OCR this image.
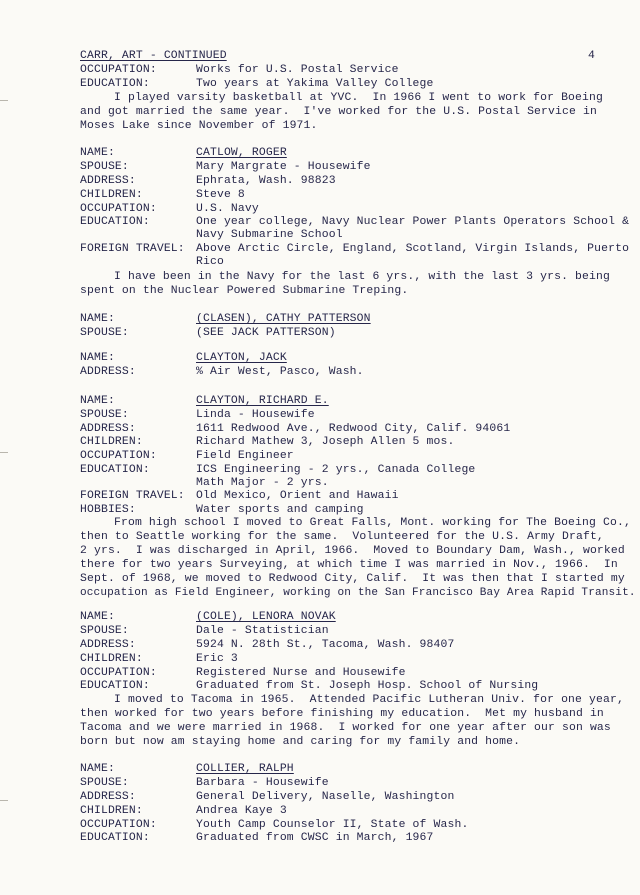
CARR, ART - CONTINUED	4
OCCUPATION:	Works for U.S. Postal Service
EDUCATION:	Two years at Yakima Valley College
I played varsity basketball at YVC.  In 1966 I went to work for Boeing
and got married the same year.  I've worked for the U.S. Postal Service in
Moses Lake since November of 1971.
NAME:	CATLOW, ROGER
SPOUSE:	Mary Margrate - Housewife
ADDRESS:	Ephrata, Wash. 98823
CHILDREN:	Steve 8
OCCUPATION:	U.S. Navy
EDUCATION:	One year college, Navy Nuclear Power Plants Operators School &
Navy Submarine School
FOREIGN TRAVEL: Above Arctic Circle, England, Scotland, Virgin Islands, Puerto
Rico
I have been in the Navy for the last 6 yrs., with the last 3 yrs. being
spent on the Nuclear Powered Submarine Treping.
NAME:	(CLASEN), CATHY PATTERSON
SPOUSE:	(SEE JACK PATTERSON)
NAME:	CLAYTON, JACK
ADDRESS:	% Air West, Pasco, Wash.
NAME:	CLAYTON, RICHARD E.
SPOUSE:	Linda - Housewife
ADDRESS:	1611 Redwood Ave., Redwood City, Calif. 94061
CHILDREN:	Richard Mathew 3, Joseph Allen 5 mos.
OCCUPATION:	Field Engineer
EDUCATION:	ICS Engineering - 2 yrs., Canada College
Math Major - 2 yrs.
FOREIGN TRAVEL: Old Mexico, Orient and Hawaii
HOBBIES:	Water sports and camping
From high school I moved to Great Falls, Mont. working for The Boeing Co.,
then to Seattle working for the same.  Volunteered for the U.S. Army Draft,
2 yrs.  I was discharged in April, 1966.  Moved to Boundary Dam, Wash., worked
there for two years Surveying, at which time I was married in Nov., 1966.  In
Sept. of 1968, we moved to Redwood City, Calif.  It was then that I started my
occupation as Field Engineer, working on the San Francisco Bay Area Rapid Transit.
NAME:	(COLE), LENORA NOVAK
SPOUSE:	Dale - Statistician
ADDRESS:	5924 N. 28th St., Tacoma, Wash. 98407
CHILDREN:	Eric 3
OCCUPATION:	Registered Nurse and Housewife
EDUCATION:	Graduated from St. Joseph Hosp. School of Nursing
I moved to Tacoma in 1965.  Attended Pacific Lutheran Univ. for one year,
then worked for two years before finishing my education.  Met my husband in
Tacoma and we were married in 1968.  I worked for one year after our son was
born but now am staying home and caring for my family and home.
NAME:	COLLIER, RALPH
SPOUSE:	Barbara - Housewife
ADDRESS:	General Delivery, Naselle, Washington
CHILDREN:	Andrea Kaye 3
OCCUPATION:	Youth Camp Counselor II, State of Wash.
EDUCATION:	Graduated from CWSC in March, 1967
